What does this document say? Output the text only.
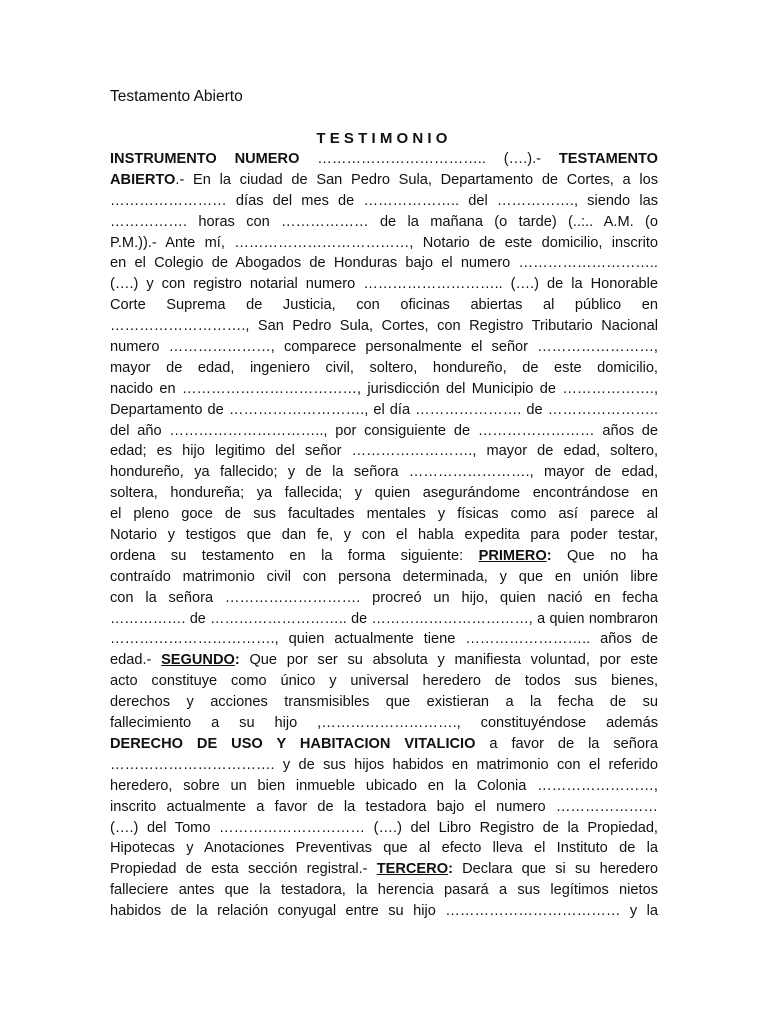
Testamento Abierto
TESTIMONIO
INSTRUMENTO NUMERO …………………………….. (….).- TESTAMENTO
ABIERTO.- En la ciudad de San Pedro Sula, Departamento de Cortes, a los
…………………… días del mes de ……………….. del ……………., siendo las
……………. horas con ……………… de la mañana (o tarde) (..:.. A.M. (o
P.M.)).- Ante mí, ………………………………, Notario de este domicilio, inscrito
en el Colegio de Abogados de Honduras bajo el numero ………………………..
(….) y con registro notarial numero ……………………….. (….) de la Honorable
Corte Suprema de Justicia, con oficinas abiertas al público en
………………………., San Pedro Sula, Cortes, con Registro Tributario Nacional
numero …………………, comparece personalmente el señor ……………………,
mayor de edad, ingeniero civil, soltero, hondureño, de este domicilio,
nacido en ………………………………, jurisdicción del Municipio de ……………….,
Departamento de ………………………., el día …………………. de …………………..
del año ………………………….., por consiguiente de …………………… años de
edad; es hijo legitimo del señor ……………………., mayor de edad, soltero,
hondureño, ya fallecido; y de la señora ……………………., mayor de edad,
soltera, hondureña; ya fallecida; y quien asegurándome encontrándose en
el pleno goce de sus facultades mentales y físicas como así parece al
Notario y testigos que dan fe, y con el habla expedita para poder testar,
ordena su testamento en la forma siguiente: PRIMERO: Que no ha
contraído matrimonio civil con persona determinada, y que en unión libre
con la señora ………………………. procreó un hijo, quien nació en fecha
……………. de ……………………….. de ……………………………, a quien nombraron
……………………………., quien actualmente tiene …………………….. años de
edad.- SEGUNDO: Que por ser su absoluta y manifiesta voluntad, por este
acto constituye como único y universal heredero de todos sus bienes,
derechos y acciones transmisibles que existieran a la fecha de su
fallecimiento a su hijo ,………………………., constituyéndose además
DERECHO DE USO Y HABITACION VITALICIO a favor de la señora
……………………………. y de sus hijos habidos en matrimonio con el referido
heredero, sobre un bien inmueble ubicado en la Colonia ……………………,
inscrito actualmente a favor de la testadora bajo el numero …………………
(….) del Tomo ………………………… (….) del Libro Registro de la Propiedad,
Hipotecas y Anotaciones Preventivas que al efecto lleva el Instituto de la
Propiedad de esta sección registral.- TERCERO: Declara que si su heredero
falleciere antes que la testadora, la herencia pasará a sus legítimos nietos
habidos de la relación conyugal entre su hijo ……………………………… y la
